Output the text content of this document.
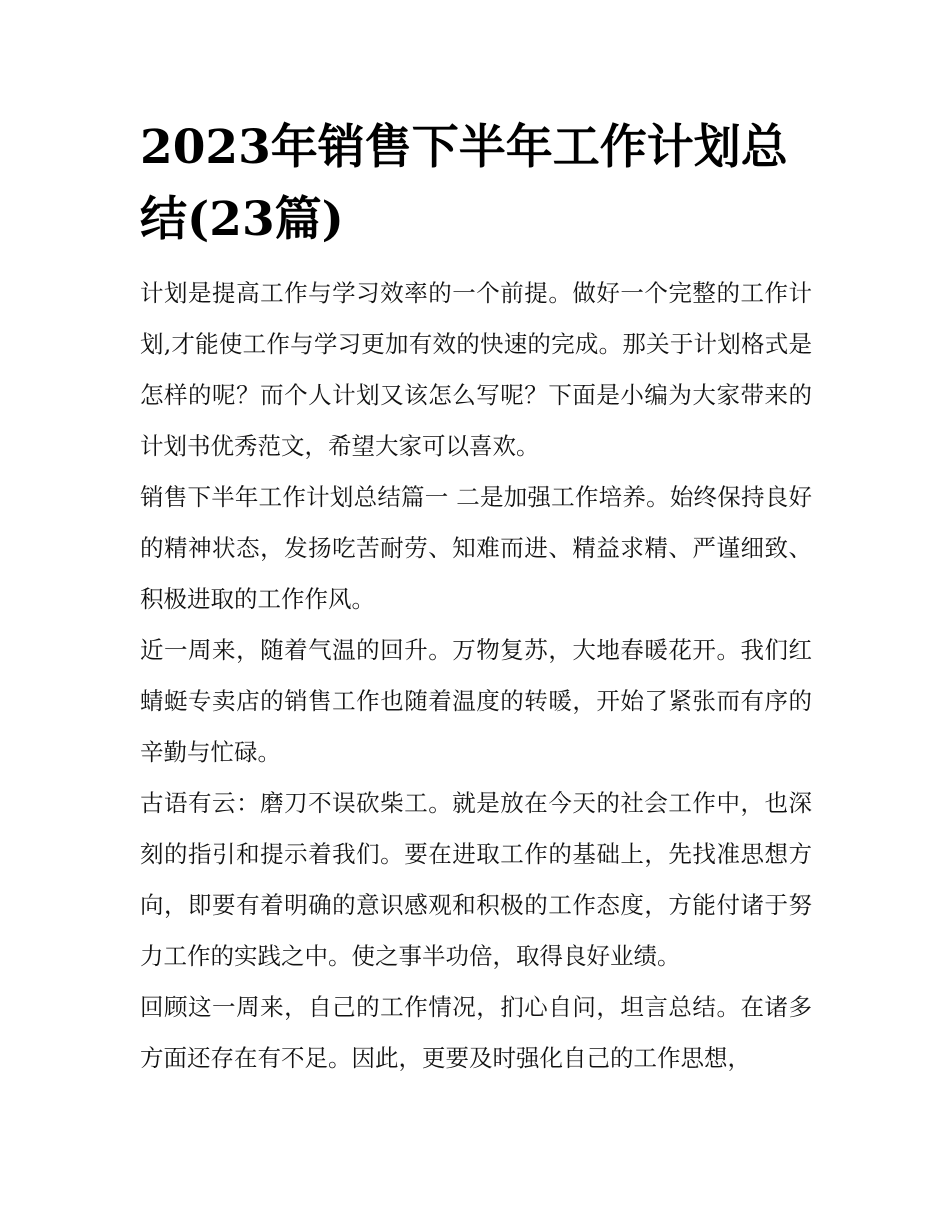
2023年销售下半年工作计划总结(23篇)

计划是提高工作与学习效率的一个前提。做好一个完整的工作计划,才能使工作与学习更加有效的快速的完成。那关于计划格式是怎样的呢？而个人计划又该怎么写呢？下面是小编为大家带来的计划书优秀范文，希望大家可以喜欢。

销售下半年工作计划总结篇一 二是加强工作培养。始终保持良好的精神状态，发扬吃苦耐劳、知难而进、精益求精、严谨细致、积极进取的工作作风。

近一周来，随着气温的回升。万物复苏，大地春暖花开。我们红蜻蜓专卖店的销售工作也随着温度的转暖，开始了紧张而有序的辛勤与忙碌。

古语有云：磨刀不误砍柴工。就是放在今天的社会工作中，也深刻的指引和提示着我们。要在进取工作的基础上，先找准思想方向，即要有着明确的意识感观和积极的工作态度，方能付诸于努力工作的实践之中。使之事半功倍，取得良好业绩。

回顾这一周来，自己的工作情况，扪心自问，坦言总结。在诸多方面还存在有不足。因此，更要及时强化自己的工作思想，
